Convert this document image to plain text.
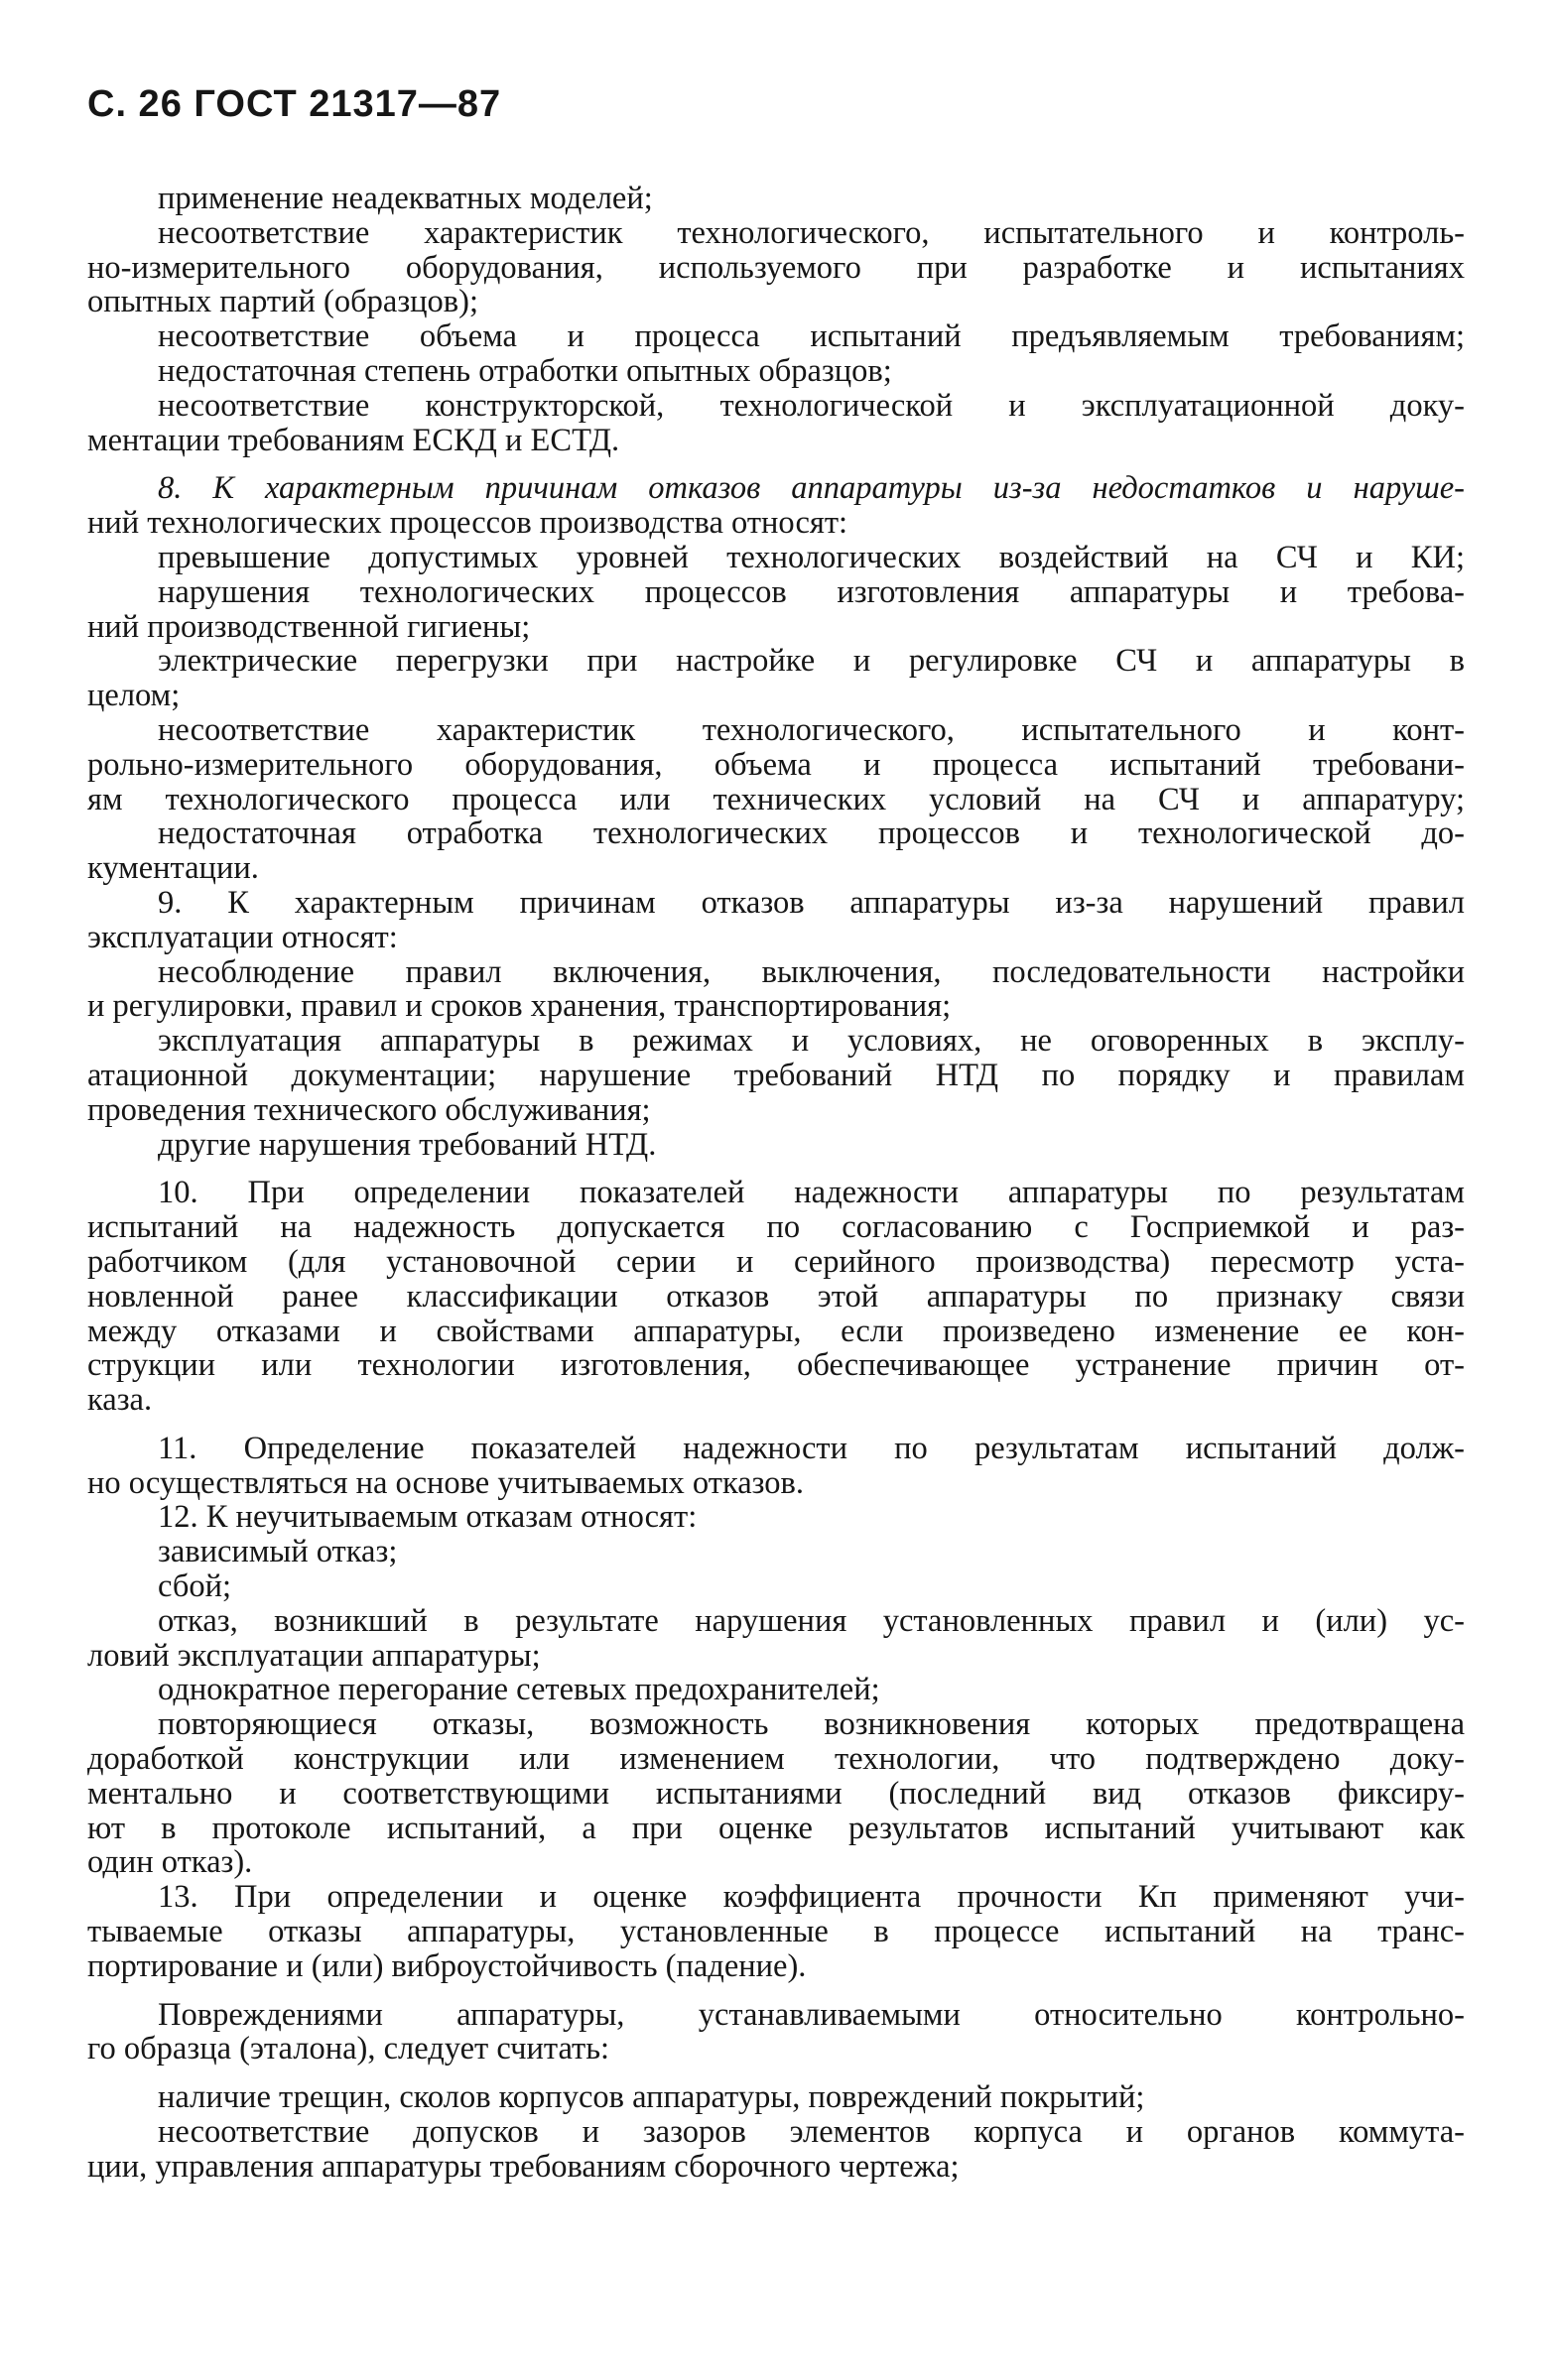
С. 26 ГОСТ 21317—87
применение неадекватных моделей;
несоответствие характеристик технологического, испытательного и контроль-
но-измерительного оборудования, используемого при разработке и испытаниях
опытных партий (образцов);
несоответствие объема и процесса испытаний предъявляемым требованиям;
недостаточная степень отработки опытных образцов;
несоответствие конструкторской, технологической и эксплуатационной доку-
ментации требованиям ЕСКД и ЕСТД.
8. К характерным причинам отказов аппаратуры из-за недостатков и наруше-
ний технологических процессов производства относят:
превышение допустимых уровней технологических воздействий на СЧ и КИ;
нарушения технологических процессов изготовления аппаратуры и требова-
ний производственной гигиены;
электрические перегрузки при настройке и регулировке СЧ и аппаратуры в
целом;
несоответствие характеристик технологического, испытательного и конт-
рольно-измерительного оборудования, объема и процесса испытаний требовани-
ям технологического процесса или технических условий на СЧ и аппаратуру;
недостаточная отработка технологических процессов и технологической до-
кументации.
9. К характерным причинам отказов аппаратуры из-за нарушений правил
эксплуатации относят:
несоблюдение правил включения, выключения, последовательности настройки
и регулировки, правил и сроков хранения, транспортирования;
эксплуатация аппаратуры в режимах и условиях, не оговоренных в эксплу-
атационной документации; нарушение требований НТД по порядку и правилам
проведения технического обслуживания;
другие нарушения требований НТД.
10. При определении показателей надежности аппаратуры по результатам
испытаний на надежность допускается по согласованию с Госприемкой и раз-
работчиком (для установочной серии и серийного производства) пересмотр уста-
новленной ранее классификации отказов этой аппаратуры по признаку связи
между отказами и свойствами аппаратуры, если произведено изменение ее кон-
струкции или технологии изготовления, обеспечивающее устранение причин от-
каза.
11. Определение показателей надежности по результатам испытаний долж-
но осуществляться на основе учитываемых отказов.
12. К неучитываемым отказам относят:
зависимый отказ;
сбой;
отказ, возникший в результате нарушения установленных правил и (или) ус-
ловий эксплуатации аппаратуры;
однократное перегорание сетевых предохранителей;
повторяющиеся отказы, возможность возникновения которых предотвращена
доработкой конструкции или изменением технологии, что подтверждено доку-
ментально и соответствующими испытаниями (последний вид отказов фиксиру-
ют в протоколе испытаний, а при оценке результатов испытаний учитывают как
один отказ).
13. При определении и оценке коэффициента прочности Кп применяют учи-
тываемые отказы аппаратуры, установленные в процессе испытаний на транс-
портирование и (или) виброустойчивость (падение).
Повреждениями аппаратуры, устанавливаемыми относительно контрольно-
го образца (эталона), следует считать:
наличие трещин, сколов корпусов аппаратуры, повреждений покрытий;
несоответствие допусков и зазоров элементов корпуса и органов коммута-
ции, управления аппаратуры требованиям сборочного чертежа;
